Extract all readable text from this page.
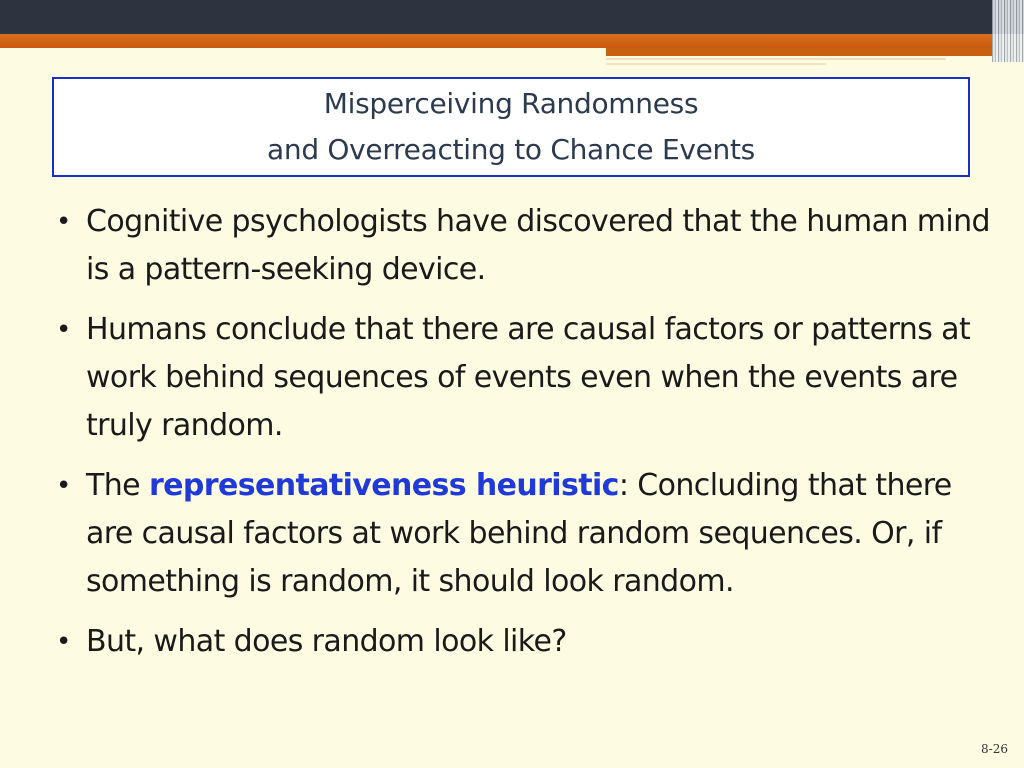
Misperceiving Randomness
and Overreacting to Chance Events
• Cognitive psychologists have discovered that the human mind is a pattern-seeking device.
• Humans conclude that there are causal factors or patterns at work behind sequences of events even when the events are truly random.
• The representativeness heuristic: Concluding that there are causal factors at work behind random sequences. Or, if something is random, it should look random.
• But, what does random look like?
8-26
